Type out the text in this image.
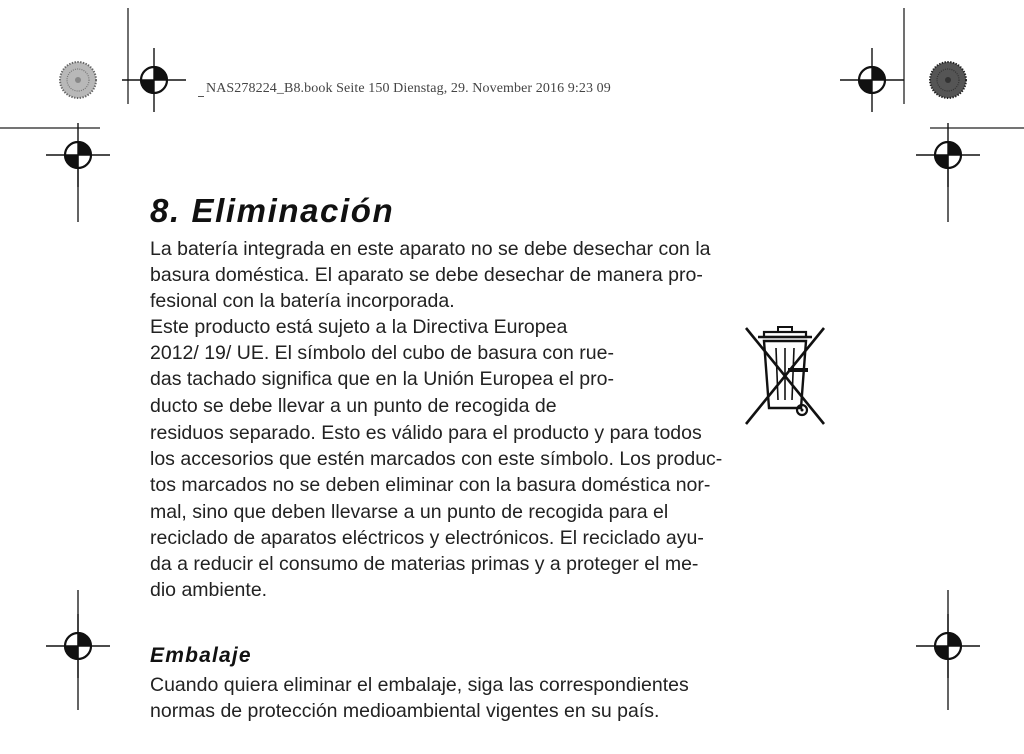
NAS278224_B8.book Seite 150 Dienstag, 29. November 2016 9:23 09
8. Eliminación
La batería integrada en este aparato no se debe desechar con la
basura doméstica. El aparato se debe desechar de manera pro-
fesional con la batería incorporada.
Este producto está sujeto a la Directiva Europea
2012/ 19/ UE. El símbolo del cubo de basura con rue-
das tachado significa que en la Unión Europea el pro-
ducto se debe llevar a un punto de recogida de
residuos separado. Esto es válido para el producto y para todos
los accesorios que estén marcados con este símbolo. Los produc-
tos marcados no se deben eliminar con la basura doméstica nor-
mal, sino que deben llevarse a un punto de recogida para el
reciclado de aparatos eléctricos y electrónicos. El reciclado ayu-
da a reducir el consumo de materias primas y a proteger el me-
dio ambiente.
Embalaje
Cuando quiera eliminar el embalaje, siga las correspondientes
normas de protección medioambiental vigentes en su país.
